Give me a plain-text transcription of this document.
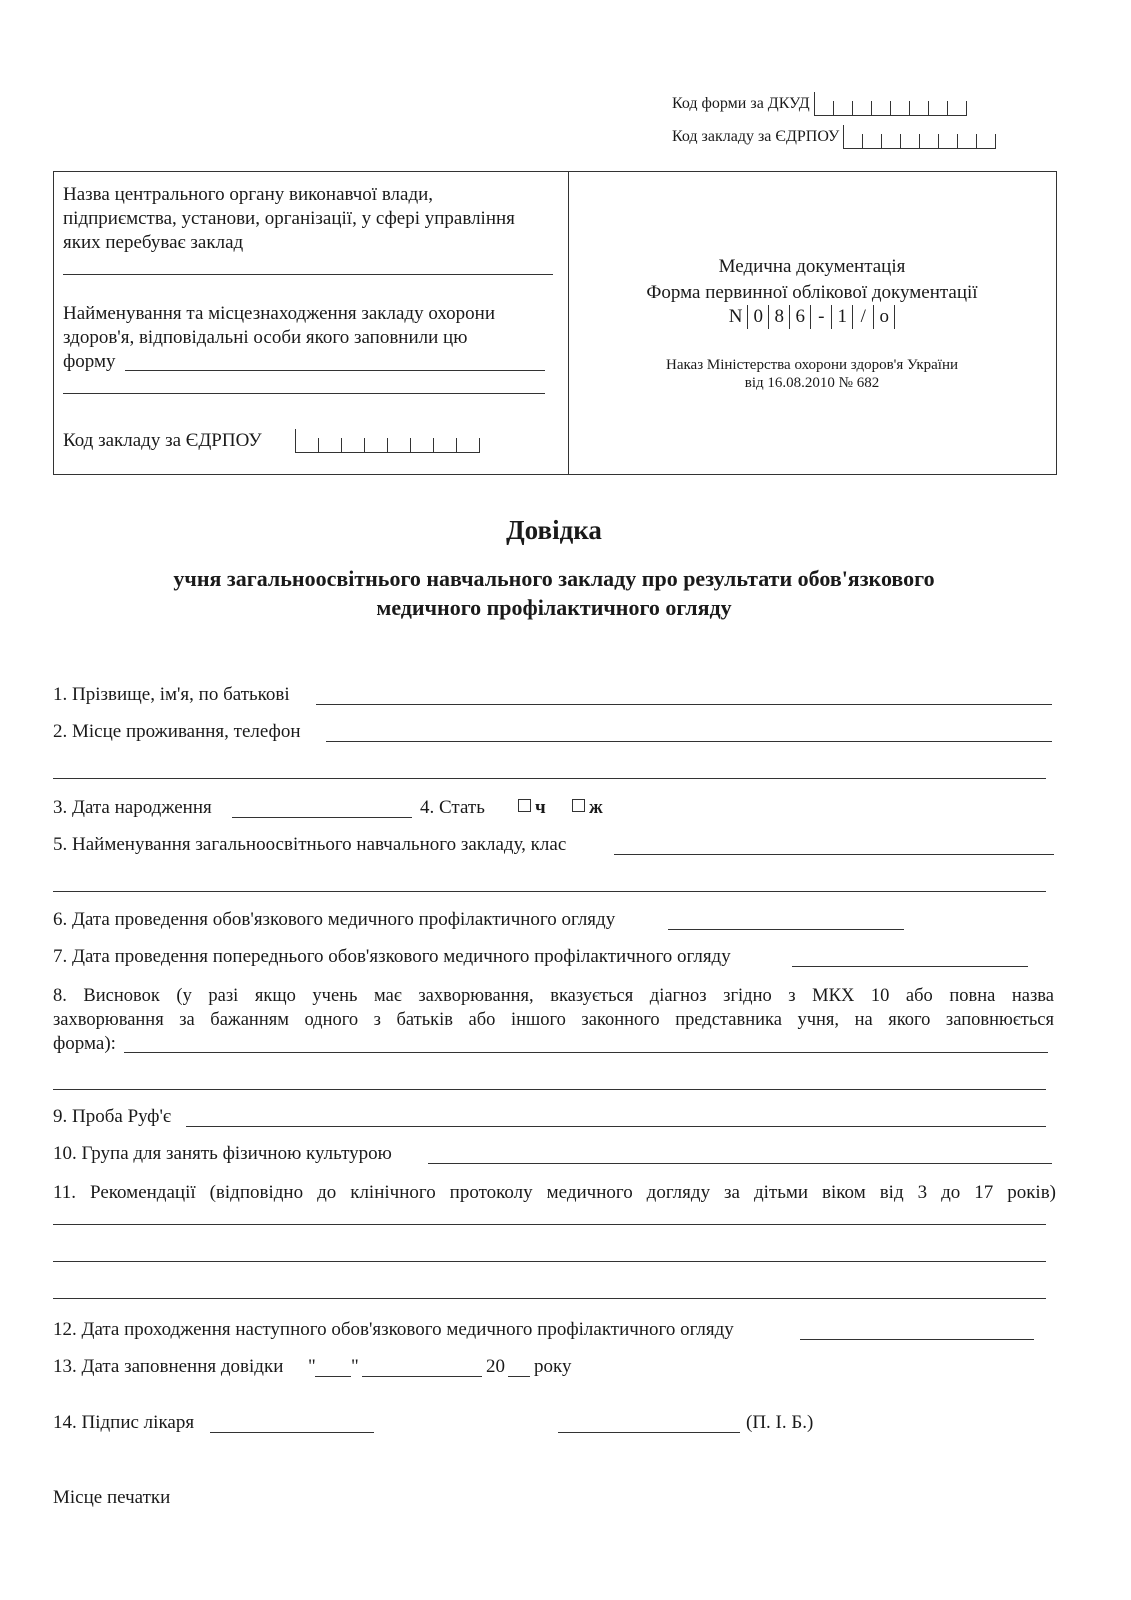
Код форми за ДКУД
Код закладу за ЄДРПОУ
Назва центрального органу виконавчої влади,
підприємства, установи, організації, у сфері управління
яких перебуває заклад
Найменування та місцезнаходження закладу охорони
здоров'я, відповідальні особи якого заповнили цю
форму
Код закладу за ЄДРПОУ
Медична документація
Форма первинної облікової документації
N 0 8 6 - 1 / о
Наказ Міністерства охорони здоров'я України
від 16.08.2010 № 682
Довідка
учня загальноосвітнього навчального закладу про результати обов'язкового
медичного профілактичного огляду
1. Прізвище, ім'я, по батькові
2. Місце проживання, телефон
3. Дата народження	4. Стать	ч	ж
5. Найменування загальноосвітнього навчального закладу, клас
6. Дата проведення обов'язкового медичного профілактичного огляду
7. Дата проведення попереднього обов'язкового медичного профілактичного огляду
8. Висновок (у разі якщо учень має захворювання, вказується діагноз згідно з МКХ 10 або повна назва
захворювання за бажанням одного з батьків або іншого законного представника учня, на якого заповнюється
форма):
9. Проба Руф'є
10. Група для занять фізичною культурою
11. Рекомендації (відповідно до клінічного протоколу медичного догляду за дітьми віком від 3 до 17 років)
12. Дата проходження наступного обов'язкового медичного профілактичного огляду
13. Дата заповнення довідки " "	20 року
14. Підпис лікаря	(П. І. Б.)
Місце печатки
